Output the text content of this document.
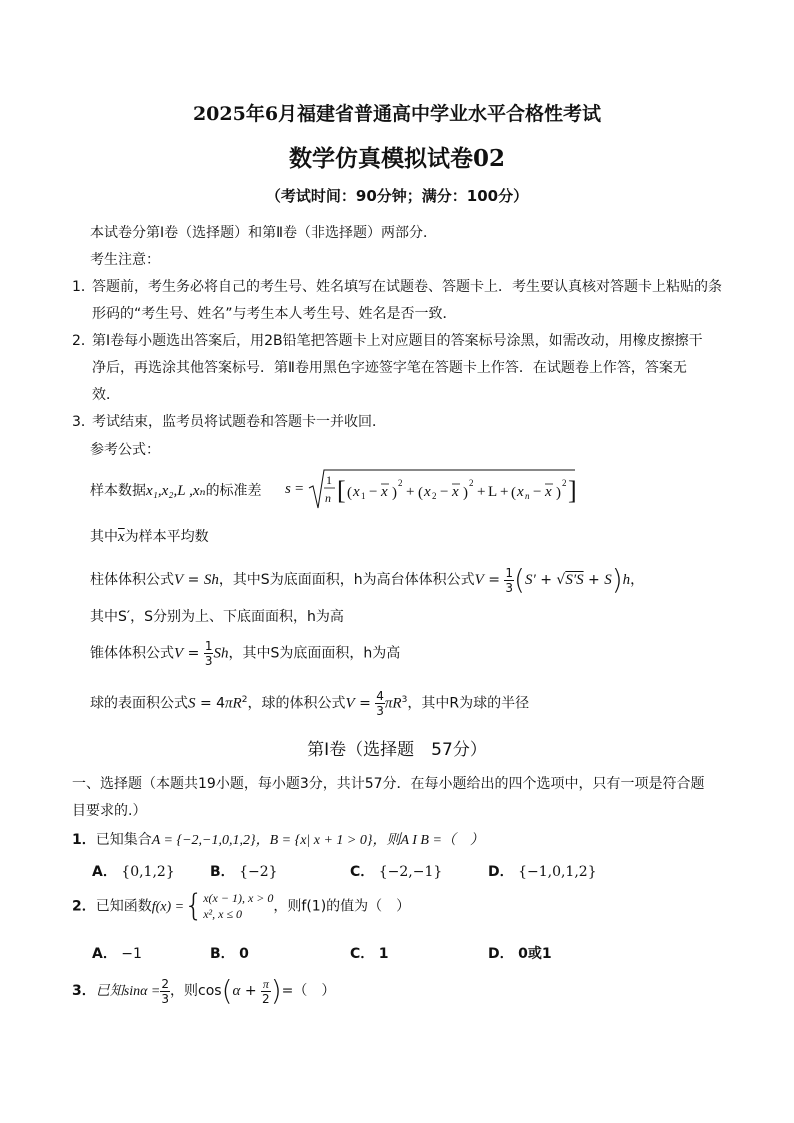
2025年6月福建省普通高中学业水平合格性考试
数学仿真模拟试卷02
（考试时间：90分钟；满分：100分）
本试卷分第Ⅰ卷（选择题）和第Ⅱ卷（非选择题）两部分．
考生注意：
1．
答题前，考生务必将自己的考生号、姓名填写在试题卷、答题卡上．考生要认真核对答题卡上粘贴的条
形码的“考生号、姓名”与考生本人考生号、姓名是否一致．
2．
第Ⅰ卷每小题选出答案后，用2B铅笔把答题卡上对应题目的答案标号涂黑，如需改动，用橡皮擦擦干
净后，再选涂其他答案标号．第Ⅱ卷用黑色字迹签字笔在答题卡上作答．在试题卷上作答，答案无
效．
3．
考试结束，监考员将试题卷和答题卡一并收回．
参考公式：
样本数据x₁,x₂,L ,xₙ的标准差 s =
1
n [ ( x 1 − x )
2
+ ( x 2 − x )
2
+ L + ( x n − x )
2 ]
其中$\overline{x}$为样本平均数
柱体体积公式V = Sh，其中S为底面面积，h为高台体体积公式$V = \frac{1}{3} (S' + √S'S + S)h$，
其中S′，S分别为上、下底面面积，h为高
锥体体积公式$V = \frac{1}{3}$ Sh，其中S为底面面积，h为高
球的表面积公式$S = 4\pi R^2$，球的体积公式$V = \frac{4}{3} \pi R^3$，其中R为球的半径
第Ⅰ卷（选择题　57分）
一、选择题（本题共19小题，每小题3分，共计57分．在每小题给出的四个选项中，只有一项是符合题
目要求的.）
1．已知集合A = {−2,−1,0,1,2}，B = {x| x + 1 > 0}，则A I B =（　）
A． {0,1,2}	B． {−2}	C． {−2,−1}	D． {−1,0,1,2}
2．已知函数f(x) ={ x(x − 1), x > 0
x², x ≤ 0	，则f(1)的值为（　）
A． −1	B． 0	C． 1	D． 0或1
3．已知$\sin\alpha = \frac{2}{3}$ ，则$\cos(\alpha + \frac{\pi}{2}$ )=（　）
